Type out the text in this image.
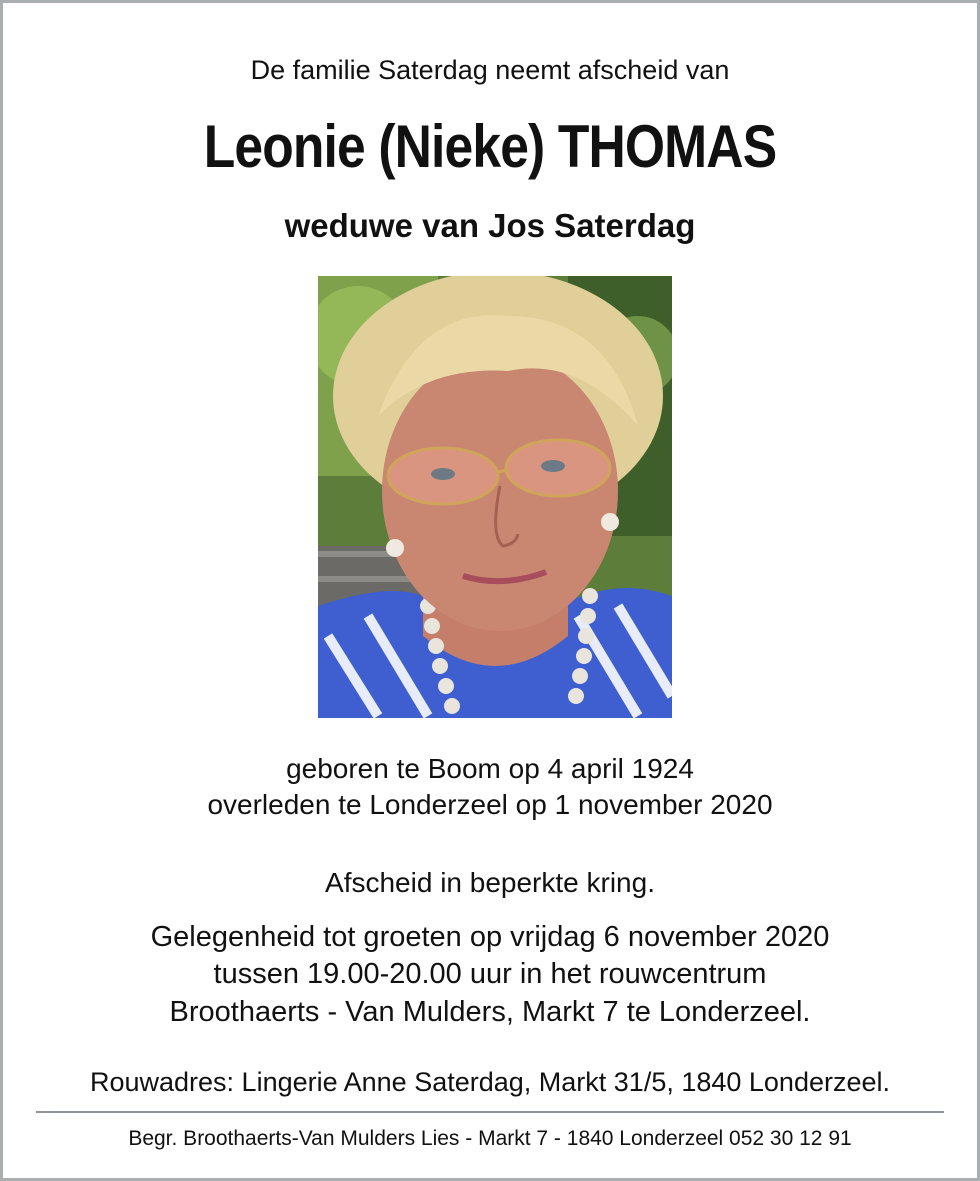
De familie Saterdag neemt afscheid van
Leonie (Nieke) THOMAS
weduwe van Jos Saterdag
geboren te Boom op 4 april 1924
overleden te Londerzeel op 1 november 2020
Afscheid in beperkte kring.
Gelegenheid tot groeten op vrijdag 6 november 2020
tussen 19.00-20.00 uur in het rouwcentrum
Broothaerts - Van Mulders, Markt 7 te Londerzeel.
Rouwadres: Lingerie Anne Saterdag, Markt 31/5, 1840 Londerzeel.
Begr. Broothaerts-Van Mulders Lies - Markt 7 - 1840 Londerzeel 052 30 12 91
